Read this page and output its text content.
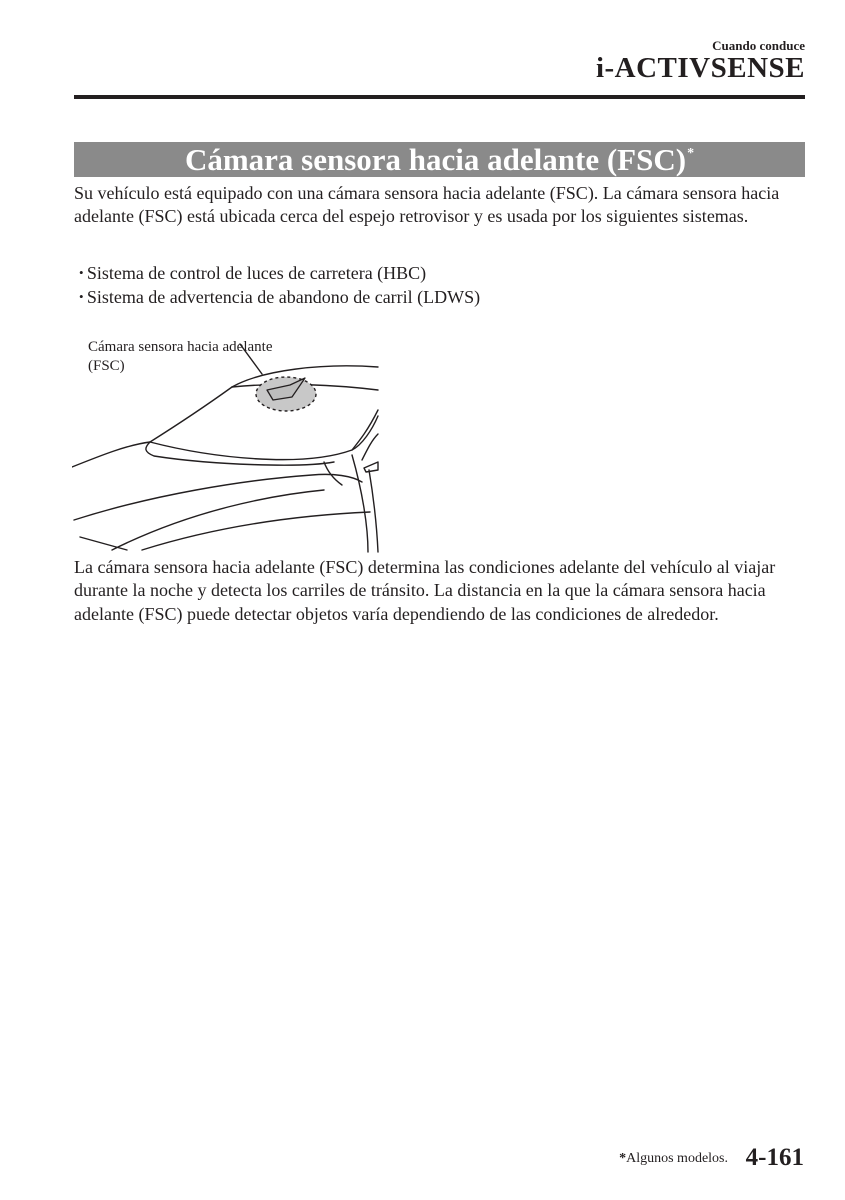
Cuando conduce
i-ACTIVSENSE
Cámara sensora hacia adelante (FSC)*

Su vehículo está equipado con una cámara sensora hacia adelante (FSC). La cámara sensora hacia adelante (FSC) está ubicada cerca del espejo retrovisor y es usada por los siguientes sistemas.

• Sistema de control de luces de carretera (HBC)
• Sistema de advertencia de abandono de carril (LDWS)
Cámara sensora hacia adelante
(FSC)

La cámara sensora hacia adelante (FSC) determina las condiciones adelante del vehículo al viajar durante la noche y detecta los carriles de tránsito. La distancia en la que la cámara sensora hacia adelante (FSC) puede detectar objetos varía dependiendo de las condiciones de alrededor.

*Algunos modelos. 4-161
